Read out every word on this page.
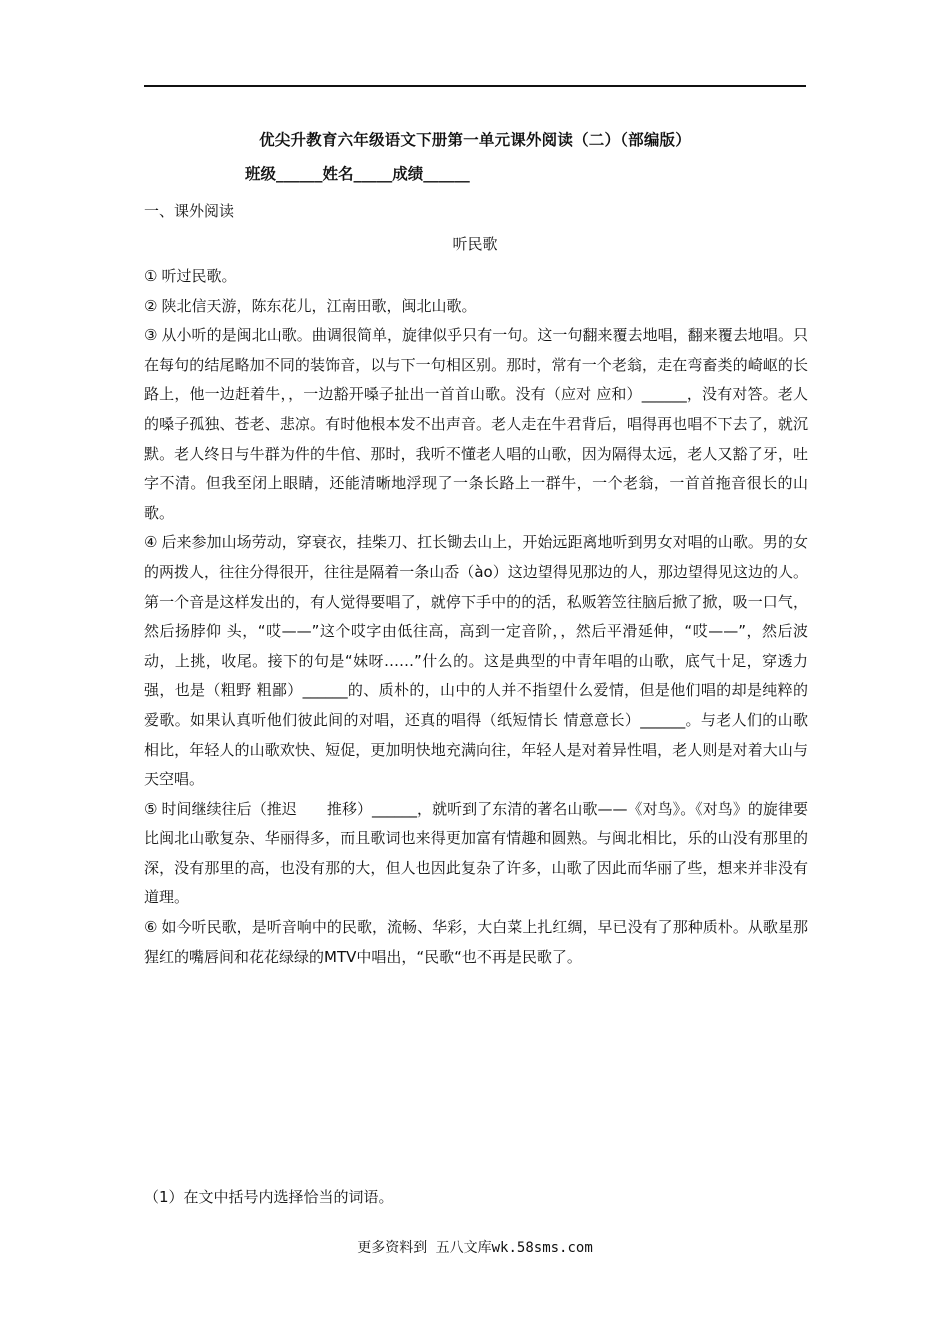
优尖升教育六年级语文下册第一单元课外阅读（二）（部编版）
班级______姓名_____成绩______
一、课外阅读
听民歌

① 听过民歌。

② 陕北信天游，陈东花儿，江南田歌，闽北山歌。

③ 从小听的是闽北山歌。曲调很简单，旋律似乎只有一句。这一句翻来覆去地唱，翻来覆去地唱。只在每句的结尾略加不同的装饰音，以与下一句相区别。那时，常有一个老翁，走在弯畜类的崎岖的长路上，他一边赶着牛，，一边豁开嗓子扯出一首首山歌。没有（应对 应和）______，没有对答。老人的嗓子孤独、苍老、悲凉。有时他根本发不出声音。老人走在牛君背后，唱得再也唱不下去了，就沉默。老人终日与牛群为件的牛倌、那时，我听不懂老人唱的山歌，因为隔得太远，老人又豁了牙，吐字不清。但我至闭上眼睛，还能清晰地浮现了一条长路上一群牛，一个老翁，一首首拖音很长的山歌。

④ 后来参加山场劳动，穿衰衣，挂柴刀、扛长锄去山上，开始远距离地听到男女对唱的山歌。男的女的两拨人，往往分得很开，往往是隔着一条山岙（ào）这边望得见那边的人，那边望得见这边的人。第一个音是这样发出的，有人觉得要唱了，就停下手中的的活，私贩箬笠往脑后掀了掀，吸一口气，然后扬脖仰 头，“哎——”这个哎字由低往高，高到一定音阶，，然后平滑延伸，“哎——”，然后波动，上挑，收尾。接下的句是“妹呀……”什么的。这是典型的中青年唱的山歌，底气十足，穿透力强，也是（粗野 粗鄙）______的、质朴的，山中的人并不指望什么爱情，但是他们唱的却是纯粹的爱歌。如果认真听他们彼此间的对唱，还真的唱得（纸短情长 情意意长）______。与老人们的山歌相比，年轻人的山歌欢快、短促，更加明快地充满向往，年轻人是对着异性唱，老人则是对着大山与天空唱。

⑤ 时间继续往后（推迟　　推移）______，就听到了东清的著名山歌——《对鸟》。《对鸟》的旋律要比闽北山歌复杂、华丽得多，而且歌词也来得更加富有情趣和圆熟。与闽北相比，乐的山没有那里的深，没有那里的高，也没有那的大，但人也因此复杂了许多，山歌了因此而华丽了些，想来并非没有道理。

⑥ 如今听民歌，是听音响中的民歌，流畅、华彩，大白菜上扎红绸，早已没有了那种质朴。从歌星那猩红的嘴唇间和花花绿绿的MTV中唱出，“民歌“也不再是民歌了。

（1）在文中括号内选择恰当的词语。
更多资料到 五八文库wk.58sms.com
